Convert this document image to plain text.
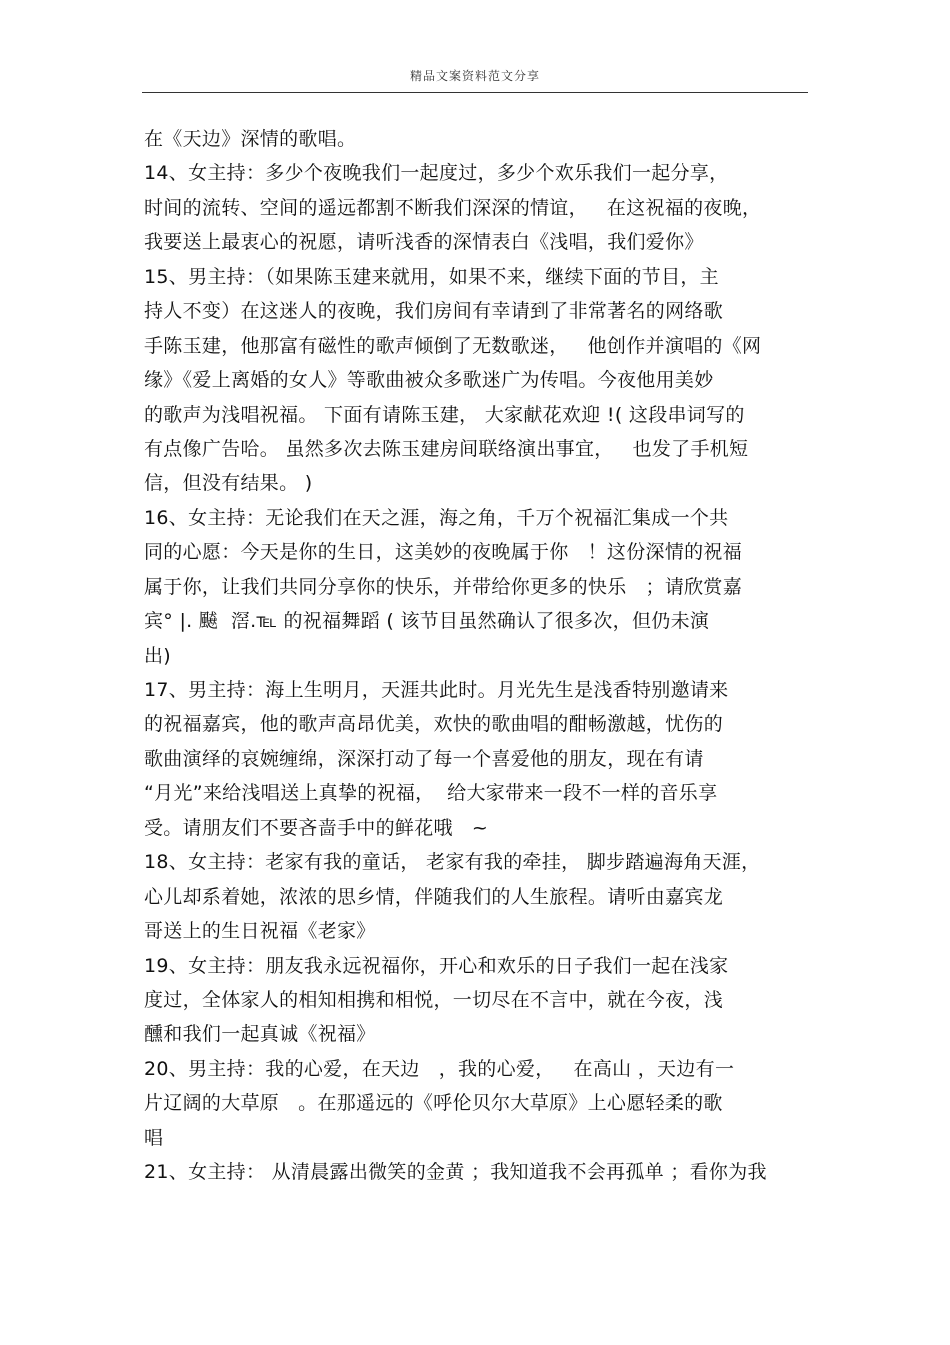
精品文案资料范文分享
在《天边》深情的歌唱。
14、女主持：多少个夜晚我们一起度过，多少个欢乐我们一起分享，
时间的流转、空间的遥远都割不断我们深深的情谊，   在这祝福的夜晚，
我要送上最衷心的祝愿，请听浅香的深情表白《浅唱，我们爱你》
15、男主持：（如果陈玉建来就用，如果不来，继续下面的节目，主
持人不变）在这迷人的夜晚，我们房间有幸请到了非常著名的网络歌
手陈玉建，他那富有磁性的歌声倾倒了无数歌迷，   他创作并演唱的《网
缘》《爱上离婚的女人》等歌曲被众多歌迷广为传唱。今夜他用美妙
的歌声为浅唱祝福。 下面有请陈玉建， 大家献花欢迎 !( 这段串词写的
有点像广告哈。 虽然多次去陈玉建房间联络演出事宜，   也发了手机短
信，但没有结果。 )
16、女主持：无论我们在天之涯，海之角，千万个祝福汇集成一个共
同的心愿：今天是你的生日，这美妙的夜晚属于你   ！这份深情的祝福
属于你，让我们共同分享你的快乐，并带给你更多的快乐   ；请欣赏嘉
宾° |. 飇  滘.℡ 的祝福舞蹈 ( 该节目虽然确认了很多次，但仍未演
出)
17、男主持：海上生明月，天涯共此时。月光先生是浅香特别邀请来
的祝福嘉宾，他的歌声高昂优美，欢快的歌曲唱的酣畅激越，忧伤的
歌曲演绎的哀婉缠绵，深深打动了每一个喜爱他的朋友，现在有请
“月光”来给浅唱送上真挚的祝福，  给大家带来一段不一样的音乐享
受。请朋友们不要吝啬手中的鲜花哦   ~
18、女主持：老家有我的童话， 老家有我的牵挂， 脚步踏遍海角天涯，
心儿却系着她，浓浓的思乡情，伴随我们的人生旅程。请听由嘉宾龙
哥送上的生日祝福《老家》
19、女主持：朋友我永远祝福你，开心和欢乐的日子我们一起在浅家
度过，全体家人的相知相携和相悦，一切尽在不言中，就在今夜，浅
醺和我们一起真诚《祝福》
20、男主持：我的心爱，在天边   ，我的心爱，   在高山 ，天边有一
片辽阔的大草原   。在那遥远的《呼伦贝尔大草原》上心愿轻柔的歌
唱
21、女主持： 从清晨露出微笑的金黄 ；我知道我不会再孤单 ；看你为我
